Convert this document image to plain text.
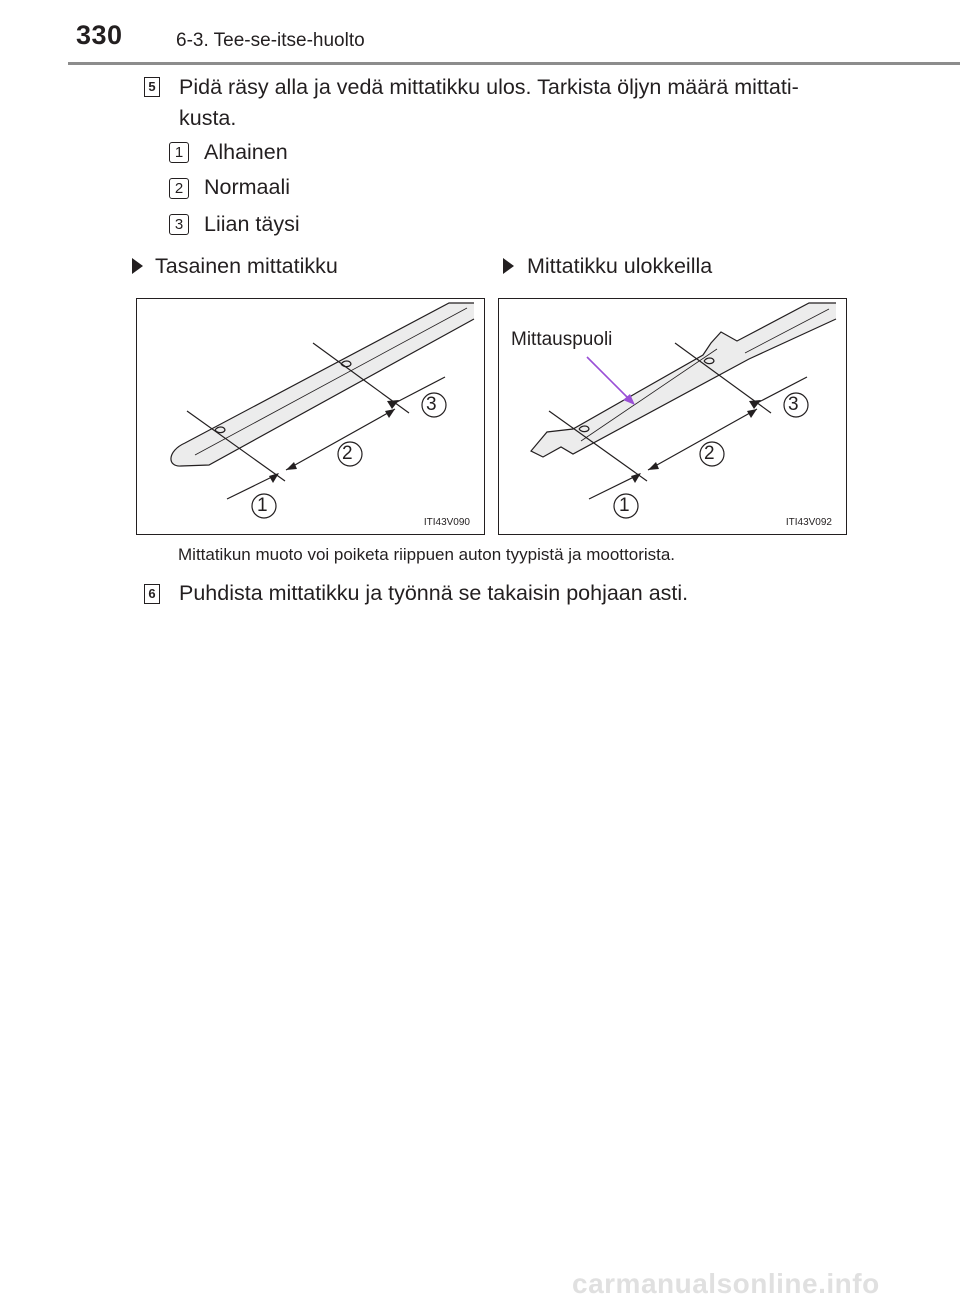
330	6-3. Tee-se-itse-huolto
5 Pidä räsy alla ja vedä mittatikku ulos. Tarkista öljyn määrä mittati-
kusta.
1 Alhainen
2 Normaali
3 Liian täysi
Tasainen mittatikku	Mittatikku ulokkeilla
3
2
1
ITI43V090
Mittauspuoli
3
2
1
ITI43V092
Mittatikun muoto voi poiketa riippuen auton tyypistä ja moottorista.
6 Puhdista mittatikku ja työnnä se takaisin pohjaan asti.
carmanualsonline.info
